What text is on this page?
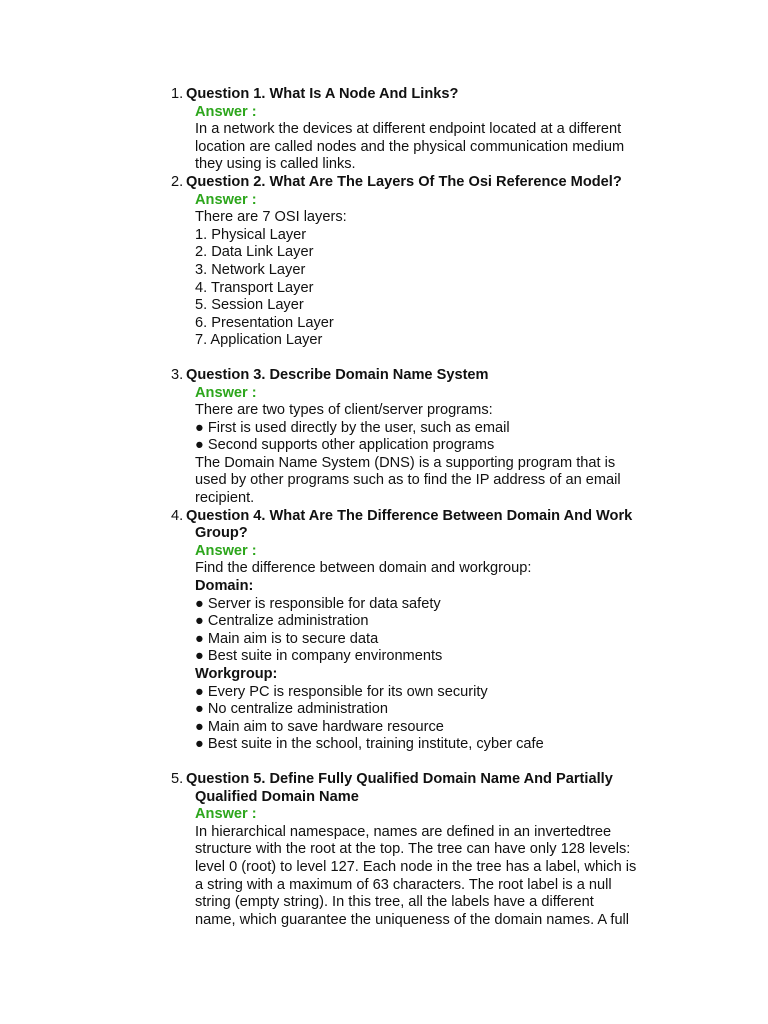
1. Question 1. What Is A Node And Links?
Answer :
In a network the devices at different endpoint located at a different
location are called nodes and the physical communication medium
they using is called links.
2. Question 2. What Are The Layers Of The Osi Reference Model?
Answer :
There are 7 OSI layers:
1. Physical Layer
2. Data Link Layer
3. Network Layer
4. Transport Layer
5. Session Layer
6. Presentation Layer
7. Application Layer
3. Question 3. Describe Domain Name System
Answer :
There are two types of client/server programs:
● First is used directly by the user, such as email
● Second supports other application programs
The Domain Name System (DNS) is a supporting program that is
used by other programs such as to find the IP address of an email
recipient.
4. Question 4. What Are The Difference Between Domain And Work
Group?
Answer :
Find the difference between domain and workgroup:
Domain:
● Server is responsible for data safety
● Centralize administration
● Main aim is to secure data
● Best suite in company environments
Workgroup:
● Every PC is responsible for its own security
● No centralize administration
● Main aim to save hardware resource
● Best suite in the school, training institute, cyber cafe
5. Question 5. Define Fully Qualified Domain Name And Partially
Qualified Domain Name
Answer :
In hierarchical namespace, names are defined in an invertedtree
structure with the root at the top. The tree can have only 128 levels:
level 0 (root) to level 127. Each node in the tree has a label, which is
a string with a maximum of 63 characters. The root label is a null
string (empty string). In this tree, all the labels have a different
name, which guarantee the uniqueness of the domain names. A full
